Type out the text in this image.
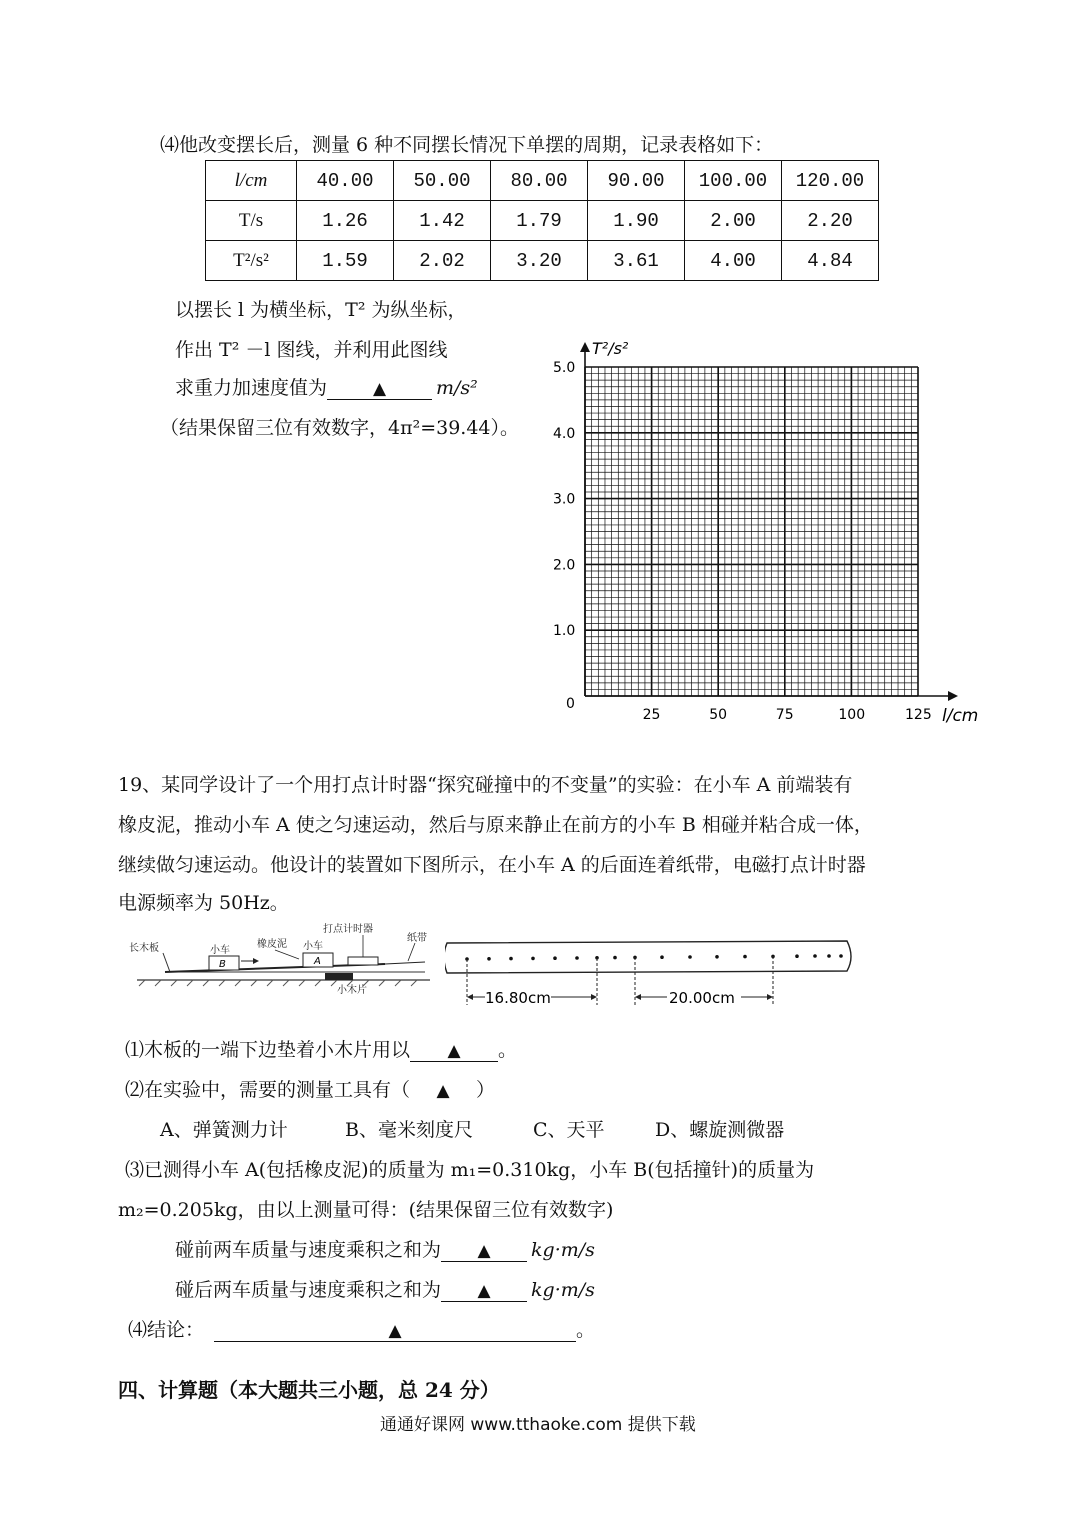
⑷他改变摆长后，测量 6 种不同摆长情况下单摆的周期，记录表格如下：
l/cm	40.00	50.00	80.00	90.00	100.00	120.00
T/s	1.26	1.42	1.79	1.90	2.00	2.20
T²/s²	1.59	2.02	3.20	3.61	4.00	4.84
以摆长 l 为横坐标，T² 为纵坐标，
作出 T² －l 图线，并利用此图线
求重力加速度值为	▲	m/s²
（结果保留三位有效数字，4π²=39.44）。
T²/s²
l/cm
0
25	50	75	100	125
1.0
2.0
3.0
4.0
5.0
19、某同学设计了一个用打点计时器“探究碰撞中的不变量”的实验：在小车 A 前端装有
橡皮泥，推动小车 A 使之匀速运动，然后与原来静止在前方的小车 B 相碰并粘合成一体，
继续做匀速运动。他设计的装置如下图所示，在小车 A 的后面连着纸带，电磁打点计时器
电源频率为 50Hz。
长木板	小车
橡皮泥 小车
打点计时器
纸带
小木片
B	A
16.80cm	20.00cm
⑴木板的一端下边垫着小木片用以 ▲ 。
⑵在实验中，需要的测量工具有（ ▲ ）
A、弹簧测力计	B、毫米刻度尺	C、天平	D、螺旋测微器
⑶已测得小车 A(包括橡皮泥)的质量为 m₁=0.310kg，小车 B(包括撞针)的质量为
m₂=0.205kg，由以上测量可得：(结果保留三位有效数字)
碰前两车质量与速度乘积之和为 ▲ kg·m/s
碰后两车质量与速度乘积之和为 ▲ kg·m/s
⑷结论：	▲	。
四、计算题（本大题共三小题，总 24 分）
通通好课网 www.tthaoke.com 提供下载
